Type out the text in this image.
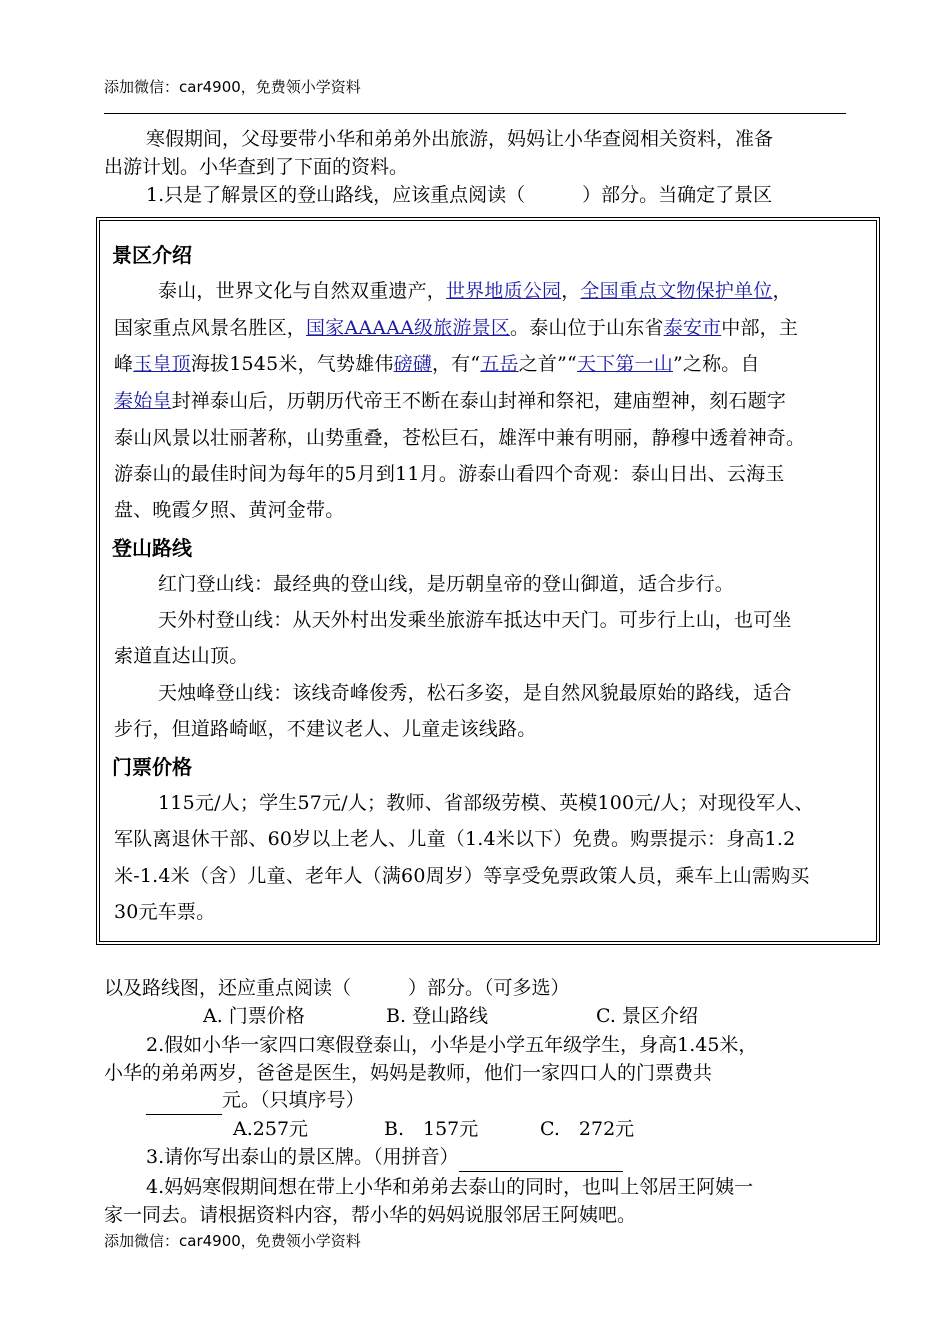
添加微信：car4900，免费领小学资料
寒假期间，父母要带小华和弟弟外出旅游，妈妈让小华查阅相关资料，准备
出游计划。小华查到了下面的资料。
1.只是了解景区的登山路线，应该重点阅读（　　　）部分。当确定了景区
景区介绍
泰山，世界文化与自然双重遗产，世界地质公园，全国重点文物保护单位，
国家重点风景名胜区，国家AAAAA级旅游景区。泰山位于山东省泰安市中部，主
峰玉皇顶海拔1545米，气势雄伟磅礴，有“五岳之首”“天下第一山”之称。自
秦始皇封禅泰山后，历朝历代帝王不断在泰山封禅和祭祀，建庙塑神，刻石题字
泰山风景以壮丽著称，山势重叠，苍松巨石，雄浑中兼有明丽，静穆中透着神奇。
游泰山的最佳时间为每年的5月到11月。游泰山看四个奇观：泰山日出、云海玉
盘、晚霞夕照、黄河金带。
登山路线
红门登山线：最经典的登山线，是历朝皇帝的登山御道，适合步行。
天外村登山线：从天外村出发乘坐旅游车抵达中天门。可步行上山，也可坐
索道直达山顶。
天烛峰登山线：该线奇峰俊秀，松石多姿，是自然风貌最原始的路线，适合
步行，但道路崎岖，不建议老人、儿童走该线路。
门票价格
115元/人；学生57元/人；教师、省部级劳模、英模100元/人；对现役军人、
军队离退休干部、60岁以上老人、儿童（1.4米以下）免费。购票提示：身高1.2
米-1.4米（含）儿童、老年人（满60周岁）等享受免票政策人员，乘车上山需购买
30元车票。
以及路线图，还应重点阅读（　　　）部分。（可多选）
A. 门票价格	B. 登山路线	C. 景区介绍
2.假如小华一家四口寒假登泰山，小华是小学五年级学生，身高1.45米，
小华的弟弟两岁，爸爸是医生，妈妈是教师，他们一家四口人的门票费共
元。（只填序号）
A.257元	B.　157元	C.　272元
3.请你写出泰山的景区牌。（用拼音）
4.妈妈寒假期间想在带上小华和弟弟去泰山的同时，也叫上邻居王阿姨一
家一同去。请根据资料内容，帮小华的妈妈说服邻居王阿姨吧。
添加微信：car4900，免费领小学资料
